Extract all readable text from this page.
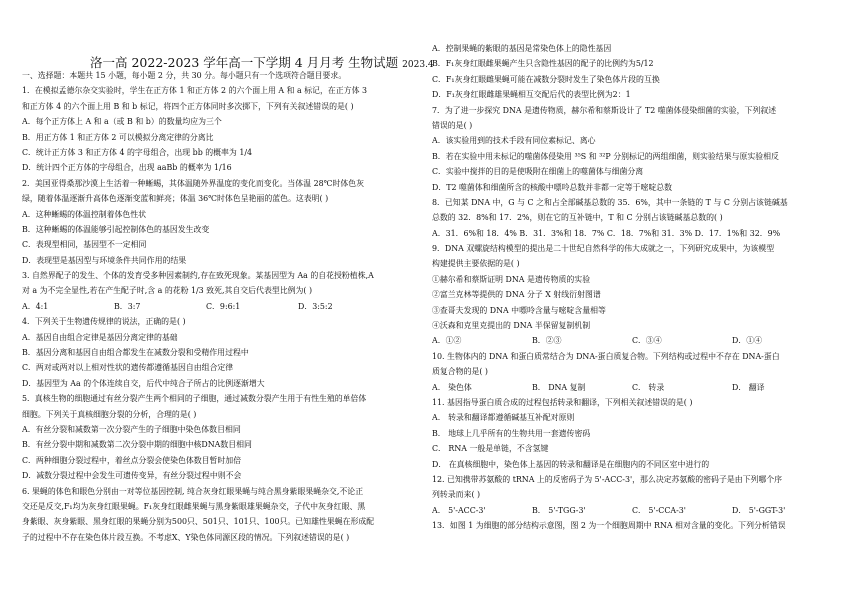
洛一高 2022-2023 学年高一下学期 4 月月考 生物试题 2023.4
一、选择题：本题共 15 小题，每小题 2 分，共 30 分。每小题只有一个选项符合题目要求。
1．在模拟孟德尔杂交实验时，学生在正方体 1 和正方体 2 的六个面上用 A 和 a 标记，在正方体 3
和正方体 4 的六个面上用 B 和 b 标记，将四个正方体同时多次掷下，下列有关叙述错误的是( )
A．每个正方体上 A 和 a（或 B 和 b）的数量均应为三个
B．用正方体 1 和正方体 2 可以模拟分离定律的分离比
C．统计正方体 3 和正方体 4 的字母组合，出现 bb 的概率为 1/4
D．统计四个正方体的字母组合，出现 aaBb 的概率为 1/16
2．美国亚得桑那沙漠上生活着一种蜥蜴，其体温随外界温度的变化而变化。当体温 28℃时体色灰
绿，随着体温逐渐升高体色逐渐变蓝和鲜亮；体温 36℃时体色呈艳丽的蓝色。这表明( )
A．这种蜥蜴的体温控制着体色性状
B．这种蜥蜴的体温能够引起控制体色的基因发生改变
C．表现型相同，基因型不一定相同
D．表现型是基因型与环境条件共同作用的结果
3. 自然界配子的发生、个体的发育受多种因素制约,存在致死现象。某基因型为 Aa 的自花授粉植株,A
对 a 为不完全显性,若在产生配子时,含 a 的花粉 1/3 致死,其自交后代表型比例为( )
A．4:1	B．3:7	C．9:6:1	D．3:5:2
4．下列关于生物遗传规律的说法，正确的是( )
A．基因自由组合定律是基因分离定律的基础
B．基因分离和基因自由组合都发生在减数分裂和受精作用过程中
C．两对或两对以上相对性状的遗传都遵循基因自由组合定律
D．基因型为 Aa 的个体连续自交，后代中纯合子所占的比例逐渐增大
5．真核生物的细胞通过有丝分裂产生两个相同的子细胞，通过减数分裂产生用于有性生殖的单倍体
细胞。下列关于真核细胞分裂的分析，合理的是( )
A．有丝分裂和减数第一次分裂产生的子细胞中染色体数目相同
B．有丝分裂中期和减数第二次分裂中期的细胞中核DNA数目相同
C．两种细胞分裂过程中，着丝点分裂会使染色体数目暂时加倍
D．减数分裂过程中会发生可遗传变异，有丝分裂过程中则不会
6. 果蝇的体色和眼色分别由一对等位基因控制, 纯合灰身红眼果蝇与纯合黑身紫眼果蝇杂交,不论正
交还是反交,F₁均为灰身红眼果蝇。F₁灰身红眼雌果蝇与黑身紫眼雄果蝇杂交，子代中灰身红眼、黑
身紫眼、灰身紫眼、黑身红眼的果蝇分别为500只、501只、101只、100只。已知雄性果蝇在形成配
子的过程中不存在染色体片段互换。不考虑X、Y染色体同源区段的情况。下列叙述错误的是( )
A．控制果蝇的紫眼的基因是常染色体上的隐性基因
B．F₁灰身红眼雌果蝇产生只含隐性基因的配子的比例约为5/12
C．F₁灰身红眼雌果蝇可能在减数分裂时发生了染色体片段的互换
D．F₁灰身红眼雌雄果蝇相互交配后代的表型比例为2：1
7．为了进一步探究 DNA 是遗传物质，赫尔希和蔡斯设计了 T2 噬菌体侵染细菌的实验，下列叙述
错误的是( )
A．该实验用到的技术手段有同位素标记、离心
B．若在实验中用未标记的噬菌体侵染用 ³⁵S 和 ³²P 分别标记的两组细菌，则实验结果与原实验相反
C．实验中搅拌的目的是使吸附在细菌上的噬菌体与细菌分离
D．T2 噬菌体和细菌所含的核酸中嘌呤总数并非都一定等于嘧啶总数
8．已知某 DNA 中，G 与 C 之和占全部碱基总数的 35．6%，其中一条链的 T 与 C 分别占该链碱基
总数的 32．8%和 17．2%，则在它的互补链中，T 和 C 分别占该链碱基总数的( )
A．31．6%和 18．4% B．31．3%和 18．7% C．18．7%和 31．3% D．17．1%和 32．9%
9．DNA 双螺旋结构模型的提出是二十世纪自然科学的伟大成就之一，下列研究成果中，为该模型
构建提供主要依据的是( )
①赫尔希和蔡斯证明 DNA 是遗传物质的实验
②富兰克林等提供的 DNA 分子 X 射线衍射图谱
③查哥夫发现的 DNA 中嘌呤含量与嘧啶含量相等
④沃森和克里克提出的 DNA 半保留复制机制
A．①②	B．②③	C．③④	D．①④
10. 生物体内的 DNA 和蛋白质常结合为 DNA-蛋白质复合物。下列结构或过程中不存在 DNA-蛋白
质复合物的是( )
A． 染色体	B． DNA 复制	C． 转录	D． 翻译
11. 基因指导蛋白质合成的过程包括转录和翻译，下列相关叙述错误的是( )
A． 转录和翻译都遵循碱基互补配对原则
B． 地球上几乎所有的生物共用一套遗传密码
C． RNA 一般是单链，不含氢键
D． 在真核细胞中，染色体上基因的转录和翻译是在细胞内的不同区室中进行的
12. 已知携带苏氨酸的 tRNA 上的反密码子为 5'-ACC-3'，那么决定苏氨酸的密码子是由下列哪个序
列转录而来( )
A． 5'-ACC-3'	B． 5'-TGG-3'	C． 5'-CCA-3'	D． 5'-GGT-3'
13．如图 1 为细胞的部分结构示意图，图 2 为一个细胞周期中 RNA 相对含量的变化。下列分析错误
